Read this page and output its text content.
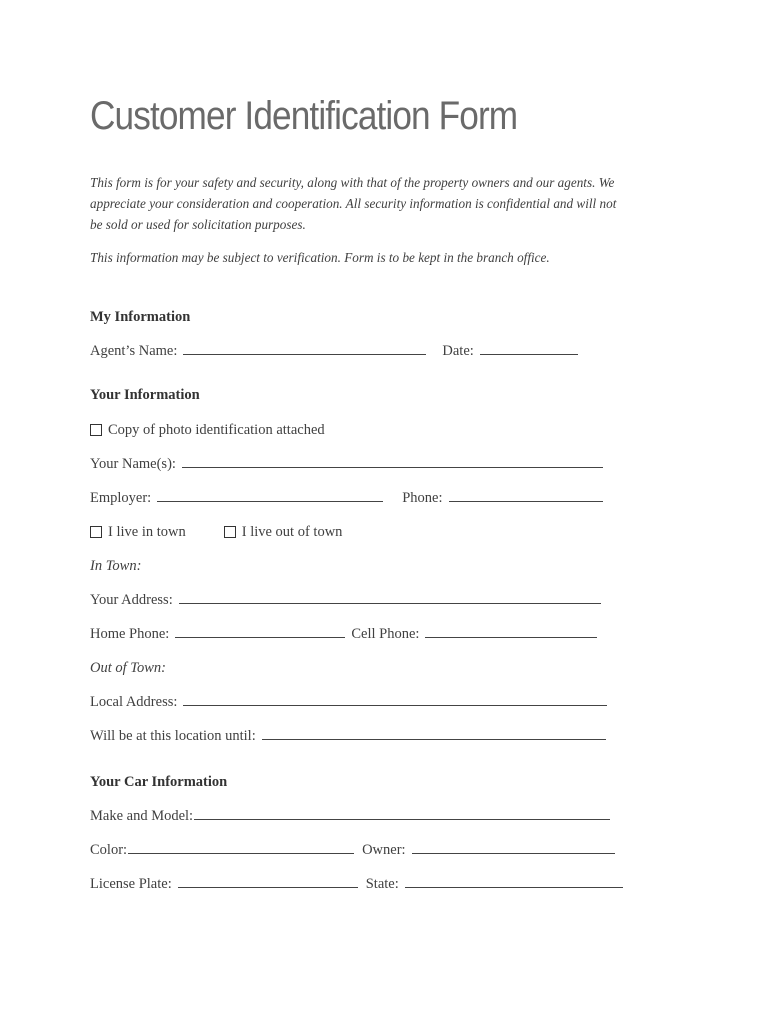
Customer Identification Form

This form is for your safety and security, along with that of the property owners and our agents. We appreciate your consideration and cooperation. All security information is confidential and will not be sold or used for solicitation purposes.

This information may be subject to verification. Form is to be kept in the branch office.

My Information
Agent’s Name:	Date:
Your Information
Copy of photo identification attached
Your Name(s):
Employer:	Phone:
I live in town	I live out of town
In Town:
Your Address:
Home Phone:	Cell Phone:
Out of Town:
Local Address:
Will be at this location until:
Your Car Information
Make and Model:
Color:	Owner:
License Plate:	State:
